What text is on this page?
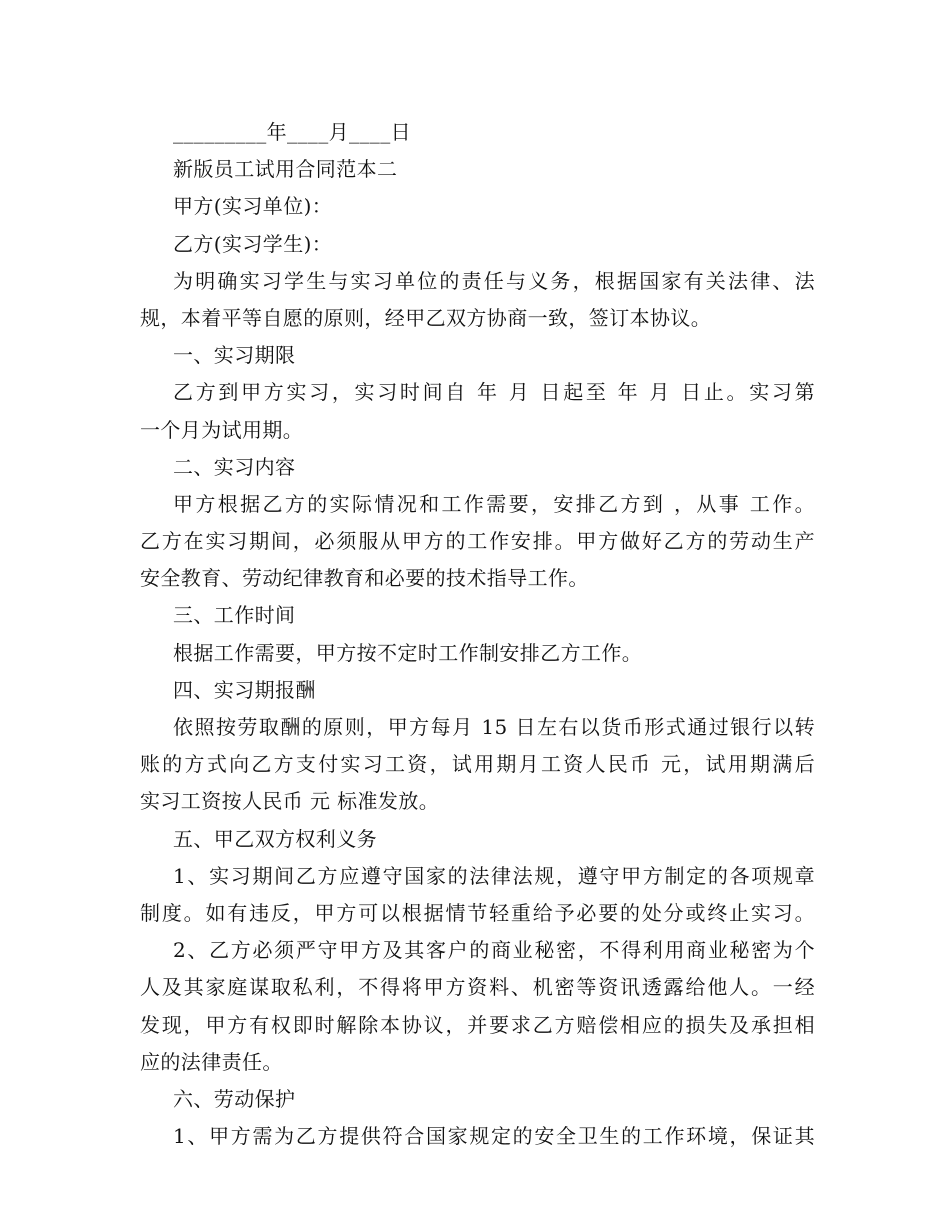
_________年____月____日
新版员工试用合同范本二
甲方(实习单位)：
乙方(实习学生)：
为明确实习学生与实习单位的责任与义务，根据国家有关法律、法
规，本着平等自愿的原则，经甲乙双方协商一致，签订本协议。
一、实习期限
乙方到甲方实习，实习时间自 年 月 日起至 年 月 日止。实习第
一个月为试用期。
二、实习内容
甲方根据乙方的实际情况和工作需要，安排乙方到 ，从事 工作。
乙方在实习期间，必须服从甲方的工作安排。甲方做好乙方的劳动生产
安全教育、劳动纪律教育和必要的技术指导工作。
三、工作时间
根据工作需要，甲方按不定时工作制安排乙方工作。
四、实习期报酬
依照按劳取酬的原则，甲方每月 15 日左右以货币形式通过银行以转
账的方式向乙方支付实习工资，试用期月工资人民币 元，试用期满后
实习工资按人民币 元 标准发放。
五、甲乙双方权利义务
1、实习期间乙方应遵守国家的法律法规，遵守甲方制定的各项规章
制度。如有违反，甲方可以根据情节轻重给予必要的处分或终止实习。
2、乙方必须严守甲方及其客户的商业秘密，不得利用商业秘密为个
人及其家庭谋取私利，不得将甲方资料、机密等资讯透露给他人。一经
发现，甲方有权即时解除本协议，并要求乙方赔偿相应的损失及承担相
应的法律责任。
六、劳动保护
1、甲方需为乙方提供符合国家规定的安全卫生的工作环境，保证其
